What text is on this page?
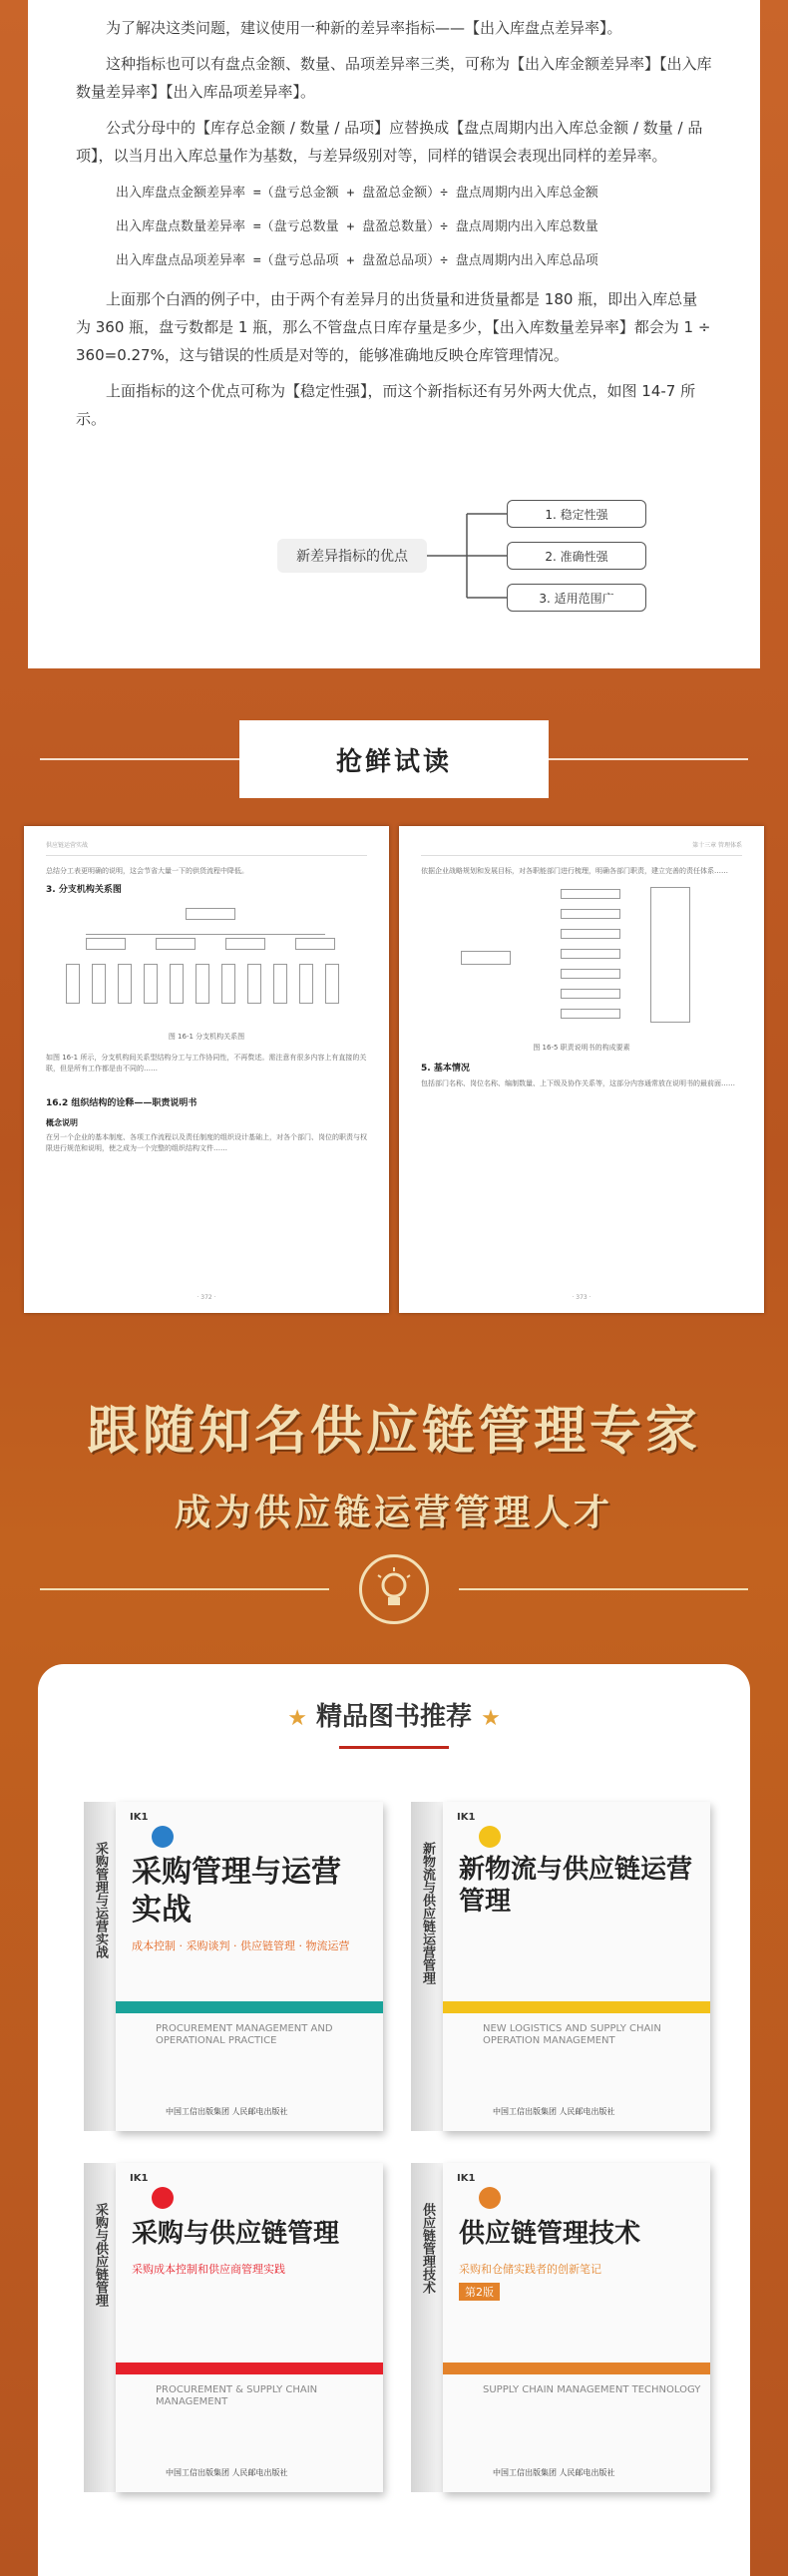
为了解决这类问题，建议使用一种新的差异率指标——【出入库盘点差异率】。

这种指标也可以有盘点金额、数量、品项差异率三类，可称为【出入库金额差异率】【出入库数量差异率】【出入库品项差异率】。

公式分母中的【库存总金额 / 数量 / 品项】应替换成【盘点周期内出入库总金额 / 数量 / 品项】，以当月出入库总量作为基数，与差异级别对等，同样的错误会表现出同样的差异率。

出入库盘点金额差异率 =（盘亏总金额 + 盘盈总金额）÷ 盘点周期内出入库总金额
出入库盘点数量差异率 =（盘亏总数量 + 盘盈总数量）÷ 盘点周期内出入库总数量
出入库盘点品项差异率 =（盘亏总品项 + 盘盈总品项）÷ 盘点周期内出入库总品项

上面那个白酒的例子中，由于两个有差异月的出货量和进货量都是 180 瓶，即出入库总量为 360 瓶，盘亏数都是 1 瓶，那么不管盘点日库存量是多少，【出入库数量差异率】都会为 1 ÷ 360=0.27%，这与错误的性质是对等的，能够准确地反映仓库管理情况。

上面指标的这个优点可称为【稳定性强】，而这个新指标还有另外两大优点，如图 14-7 所示。

新差异指标的优点
1. 稳定性强
2. 准确性强
3. 适用范围广
抢鲜试读
供应链运营实战
总结分工表更明确的说明，这会节省大量一下的供货流程中降低。
3. 分支机构关系图
图 16-1 分支机构关系图
如图 16-1 所示，分支机构间关系型结构分工与工作协同性，不再赘述。需注意有很多内容上有直接的关联，但是所有工作都是由不同的……
16.2 组织结构的诠释——职责说明书
概念说明
在另一个企业的基本制度、各项工作流程以及责任制度的组织设计基础上，对各个部门、岗位的职责与权限进行规范和说明，使之成为一个完整的组织结构文件……
· 372 ·
第十三章 管理体系
依据企业战略规划和发展目标，对各职能部门进行梳理，明确各部门职责，建立完善的责任体系……
图 16-5 职责说明书的构成要素
5. 基本情况
包括部门名称、岗位名称、编制数量、上下级及协作关系等，这部分内容通常放在说明书的最前面……
· 373 ·
跟随知名供应链管理专家
成为供应链运营管理人才
★ 精品图书推荐 ★
采购管理与运营实战
IK1
采购管理与运营实战
成本控制 · 采购谈判 · 供应链管理 · 物流运营
PROCUREMENT MANAGEMENT AND OPERATIONAL PRACTICE
中国工信出版集团 人民邮电出版社
新物流与供应链运营管理
IK1
新物流与供应链运营管理
NEW LOGISTICS AND SUPPLY CHAIN OPERATION MANAGEMENT
中国工信出版集团 人民邮电出版社
采购与供应链管理
IK1
采购与供应链管理
采购成本控制和供应商管理实践
PROCUREMENT & SUPPLY CHAIN MANAGEMENT
中国工信出版集团 人民邮电出版社
供应链管理技术
IK1
供应链管理技术
采购和仓储实践者的创新笔记
第2版
SUPPLY CHAIN MANAGEMENT TECHNOLOGY
中国工信出版集团 人民邮电出版社
